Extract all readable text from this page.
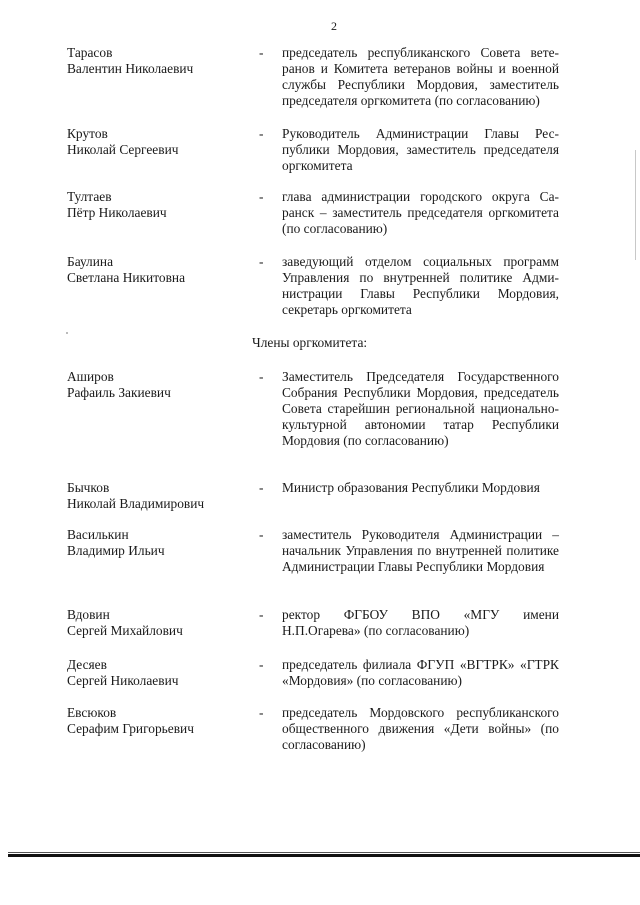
2
Тарасов
Валентин Николаевич
- председатель республиканского Совета ветеранов и Комитета ветеранов войны и военной службы Республики Мордовия, заместитель председателя оргкомитета (по согласованию)
Крутов
Николай Сергеевич
- Руководитель Администрации Главы Республики Мордовия, заместитель председателя оргкомитета
Тултаев
Пётр Николаевич
- глава администрации городского округа Саранск – заместитель председателя оргкомитета (по согласованию)
Баулина
Светлана Никитовна
- заведующий отделом социальных программ Управления по внутренней политике Администрации Главы Республики Мордовия, секретарь оргкомитета
Члены оргкомитета:
Аширов
Рафаиль Закиевич
- Заместитель Председателя Государственного Собрания Республики Мордовия, председатель Совета старейшин региональной национально-культурной автономии татар Республики Мордовия (по согласованию)
Бычков
Николай Владимирович
- Министр образования Республики Мордовия
Василькин
Владимир Ильич
- заместитель Руководителя Администрации – начальник Управления по внутренней политике Администрации Главы Республики Мордовия
Вдовин
Сергей Михайлович
- ректор ФГБОУ ВПО «МГУ имени Н.П.Огарева» (по согласованию)
Десяев
Сергей Николаевич
- председатель филиала ФГУП «ВГТРК» «ГТРК «Мордовия» (по согласованию)
Евсюков
Серафим Григорьевич
- председатель Мордовского республиканского общественного движения «Дети войны» (по согласованию)
